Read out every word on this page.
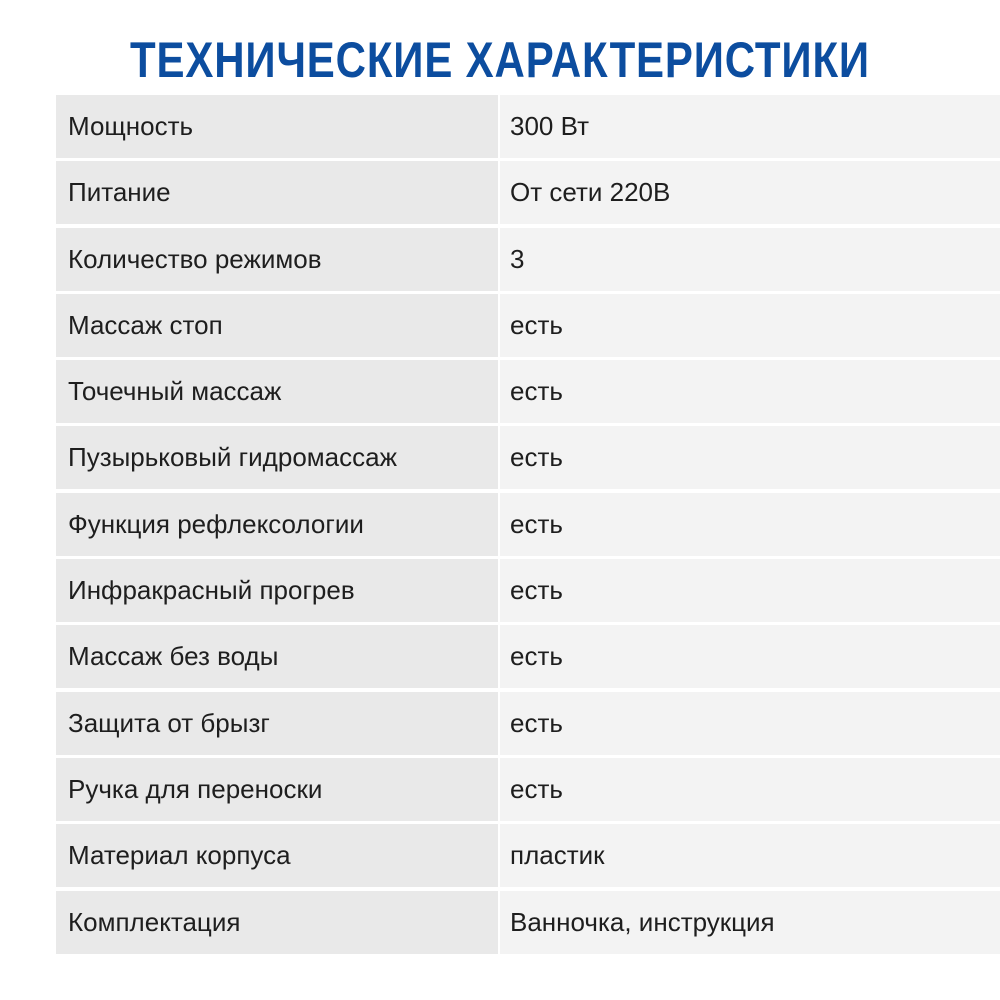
ТЕХНИЧЕСКИЕ ХАРАКТЕРИСТИКИ
Мощность	300 Вт
Питание	От сети 220В
Количество режимов	3
Массаж стоп	есть
Точечный массаж	есть
Пузырьковый гидромассаж	есть
Функция рефлексологии	есть
Инфракрасный прогрев	есть
Массаж без воды	есть
Защита от брызг	есть
Ручка для переноски	есть
Материал корпуса	пластик
Комплектация	Ванночка, инструкция
